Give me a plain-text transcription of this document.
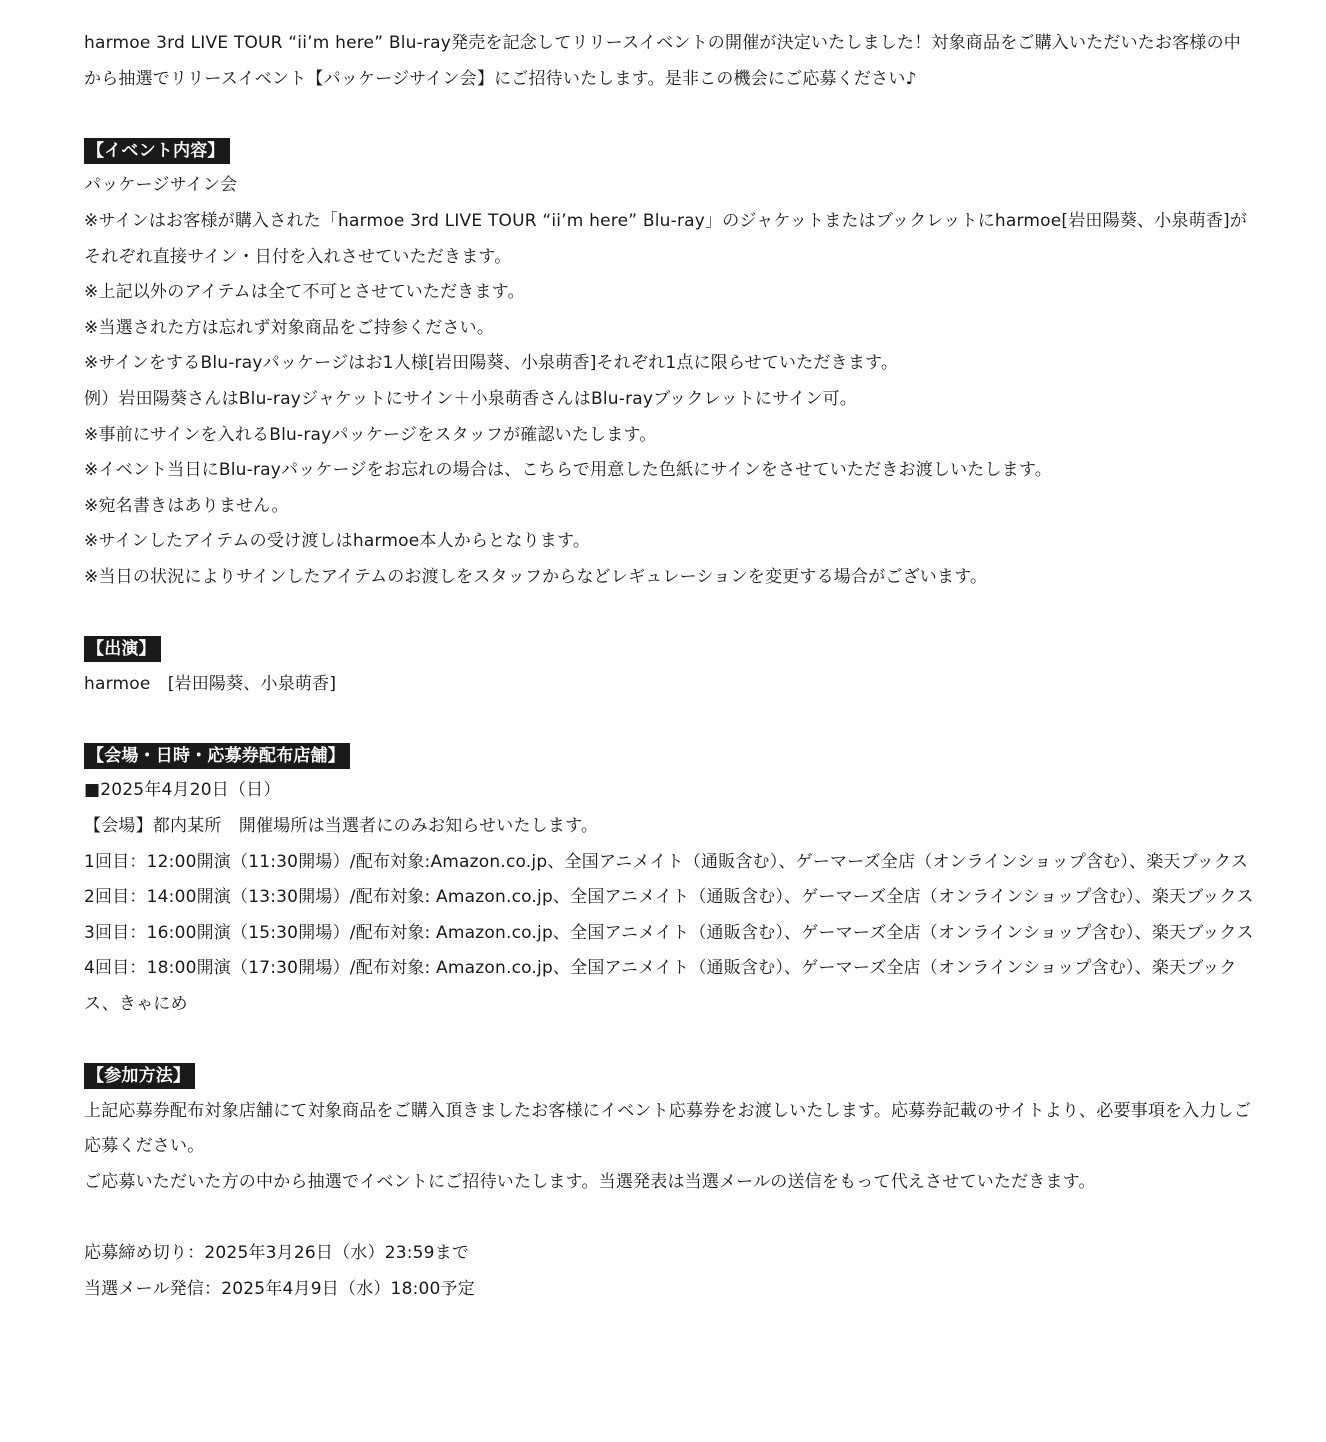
harmoe 3rd LIVE TOUR “ii’m here” Blu-ray発売を記念してリリースイベントの開催が決定いたしました！対象商品をご購入いただいたお客様の中から抽選でリリースイベント【パッケージサイン会】にご招待いたします。是非この機会にご応募ください♪

【イベント内容】

パッケージサイン会

※サインはお客様が購入された「harmoe 3rd LIVE TOUR “ii’m here” Blu-ray」のジャケットまたはブックレットにharmoe[岩田陽葵、小泉萌香]がそれぞれ直接サイン・日付を入れさせていただきます。

※上記以外のアイテムは全て不可とさせていただきます。

※当選された方は忘れず対象商品をご持参ください。

※サインをするBlu-rayパッケージはお1人様[岩田陽葵、小泉萌香]それぞれ1点に限らせていただきます。

例）岩田陽葵さんはBlu-rayジャケットにサイン＋小泉萌香さんはBlu-rayブックレットにサイン可。

※事前にサインを入れるBlu-rayパッケージをスタッフが確認いたします。

※イベント当日にBlu-rayパッケージをお忘れの場合は、こちらで用意した色紙にサインをさせていただきお渡しいたします。

※宛名書きはありません。

※サインしたアイテムの受け渡しはharmoe本人からとなります。

※当日の状況によりサインしたアイテムのお渡しをスタッフからなどレギュレーションを変更する場合がございます。

【出演】

harmoe　[岩田陽葵、小泉萌香]

【会場・日時・応募券配布店舗】

■2025年4月20日（日）

【会場】都内某所　開催場所は当選者にのみお知らせいたします。

1回目：12:00開演（11:30開場）/配布対象:Amazon.co.jp、全国アニメイト（通販含む）、ゲーマーズ全店（オンラインショップ含む）、楽天ブックス

2回目：14:00開演（13:30開場）/配布対象: Amazon.co.jp、全国アニメイト（通販含む）、ゲーマーズ全店（オンラインショップ含む）、楽天ブックス

3回目：16:00開演（15:30開場）/配布対象: Amazon.co.jp、全国アニメイト（通販含む）、ゲーマーズ全店（オンラインショップ含む）、楽天ブックス

4回目：18:00開演（17:30開場）/配布対象: Amazon.co.jp、全国アニメイト（通販含む）、ゲーマーズ全店（オンラインショップ含む）、楽天ブックス、きゃにめ

【参加方法】

上記応募券配布対象店舗にて対象商品をご購入頂きましたお客様にイベント応募券をお渡しいたします。応募券記載のサイトより、必要事項を入力しご応募ください。

ご応募いただいた方の中から抽選でイベントにご招待いたします。当選発表は当選メールの送信をもって代えさせていただきます。

応募締め切り：2025年3月26日（水）23:59まで

当選メール発信：2025年4月9日（水）18:00予定
